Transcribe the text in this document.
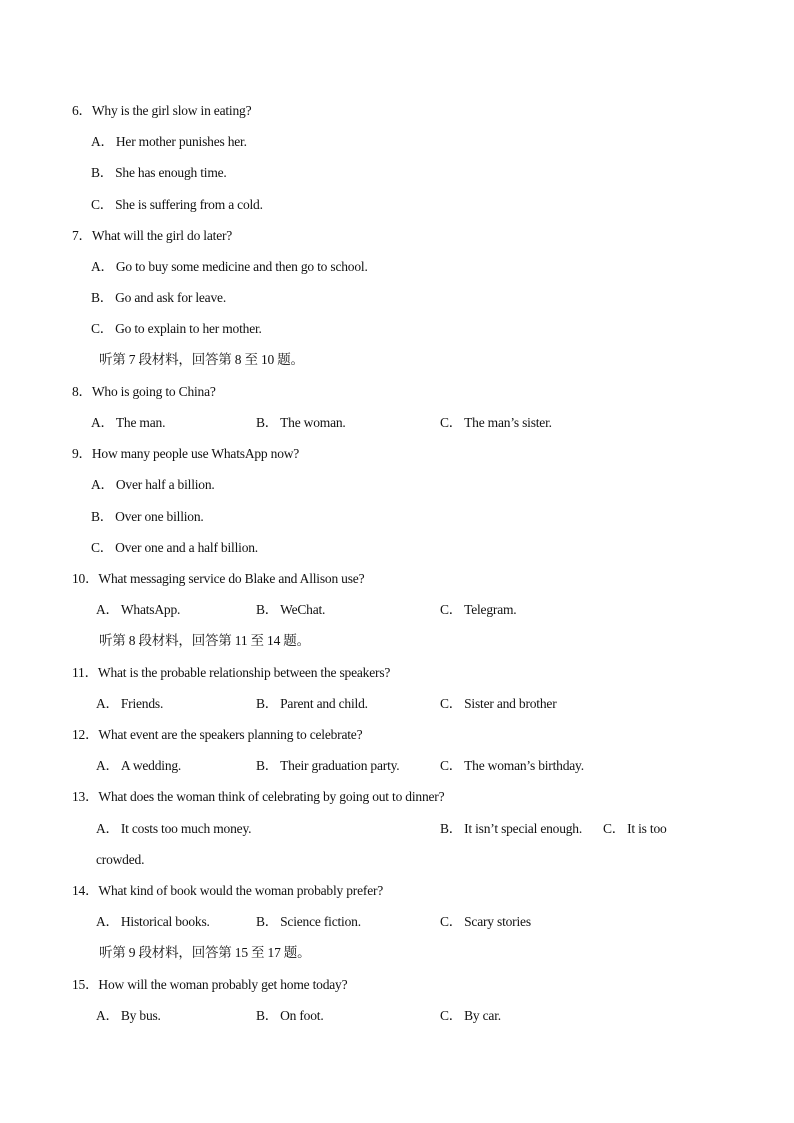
6．Why is the girl slow in eating?
A． Her mother punishes her.
B． She has enough time.
C． She is suffering from a cold.
7．What will the girl do later?
A． Go to buy some medicine and then go to school.
B． Go and ask for leave.
C． Go to explain to her mother.
听第 7 段材料，回答第 8 至 10 题。
8．Who is going to China?
A． The man.	B． The woman.	C． The man’s sister.
9．How many people use WhatsApp now?
A． Over half a billion.
B． Over one billion.
C． Over one and a half billion.
10．What messaging service do Blake and Allison use?
A． WhatsApp.	B． WeChat.	C． Telegram.
听第 8 段材料，回答第 11 至 14 题。
11．What is the probable relationship between the speakers?
A． Friends.	B． Parent and child.	C． Sister and brother
12．What event are the speakers planning to celebrate?
A． A wedding.	B． Their graduation party.	C． The woman’s birthday.
13．What does the woman think of celebrating by going out to dinner?
A． It costs too much money.	B． It isn’t special enough. C． It is too
crowded.
14．What kind of book would the woman probably prefer?
A． Historical books.	B． Science fiction.	C． Scary stories
听第 9 段材料，回答第 15 至 17 题。
15．How will the woman probably get home today?
A． By bus.	B． On foot.	C． By car.
